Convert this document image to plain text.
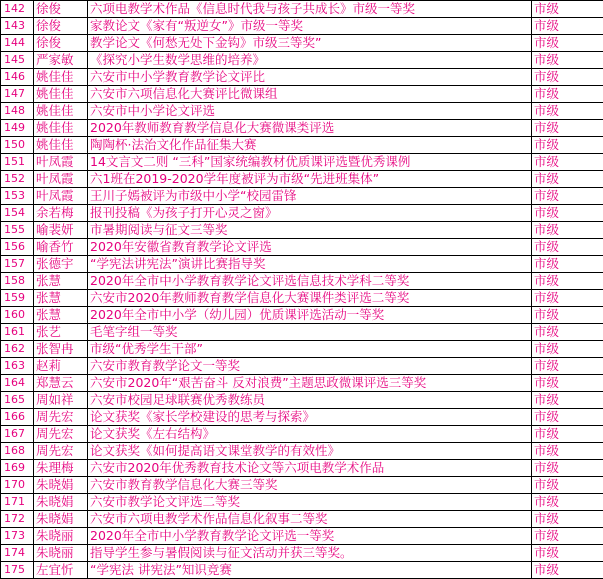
142	徐俊	六项电教学术作品《信息时代我与孩子共成长》市级一等奖	市级
143	徐俊	家教论文《家有“叛逆女”》市级一等奖	市级
144	徐俊	教学论文《何愁无处下金钩》市级三等奖”	市级
145	严家敏	《探究小学生数学思维的培养》	市级
146	姚佳佳	六安市中小学教育教学论文评比	市级
147	姚佳佳	六安市六项信息化大赛评比微课组	市级
148	姚佳佳	六安市中小学论文评选	市级
149	姚佳佳	2020年教师教育教学信息化大赛微课类评选	市级
150	姚佳佳	陶陶杯·法治文化作品征集大赛	市级
151	叶凤霞	14文言文二则 “三科”国家统编教材优质课评选暨优秀课例	市级
152	叶凤霞	六1班在2019-2020学年度被评为市级“先进班集体”	市级
153	叶凤霞	王川子嫣被评为市级中小学“校园雷锋	市级
154	余若梅	报刊投稿《为孩子打开心灵之窗》	市级
155	喻裴妍	市暑期阅读与征文三等奖	市级
156	喻香竹	2020年安徽省教育教学论文评选	市级
157	张德宇	“学宪法讲宪法”演讲比赛指导奖	市级
158	张慧	2020年全市中小学教育教学论文评选信息技术学科二等奖	市级
159	张慧	六安市2020年教师教育教学信息化大赛课件类评选二等奖	市级
160	张慧	2020年全市中小学（幼儿园）优质课评选活动一等奖	市级
161	张艺	毛笔字组一等奖	市级
162	张智冉	市级“优秀学生干部”	市级
163	赵莉	六安市教育教学论文一等奖	市级
164	郑慧云	六安市2020年“艰苦奋斗 反对浪费”主题思政微课评选三等奖	市级
165	周如祥	六安市校园足球联赛优秀教练员	市级
166	周先宏	论文获奖《家长学校建设的思考与探索》	市级
167	周先宏	论文获奖《左右结构》	市级
168	周先宏	论文获奖《如何提高语文课堂教学的有效性》	市级
169	朱理梅	六安市2020年优秀教育技术论文等六项电教学术作品	市级
170	朱晓娟	六安市教育教学信息化大赛三等奖	市级
171	朱晓娟	六安市教学论文评选二等奖	市级
172	朱晓娟	六安市六项电教学术作品信息化叙事二等奖	市级
173	朱晓丽	2020年全市中小学教育教学论文评选一等奖	市级
174	朱晓丽	指导学生参与暑假阅读与征文活动并获三等奖。	市级
175	左宜忻	“学宪法 讲宪法”知识竞赛	市级
